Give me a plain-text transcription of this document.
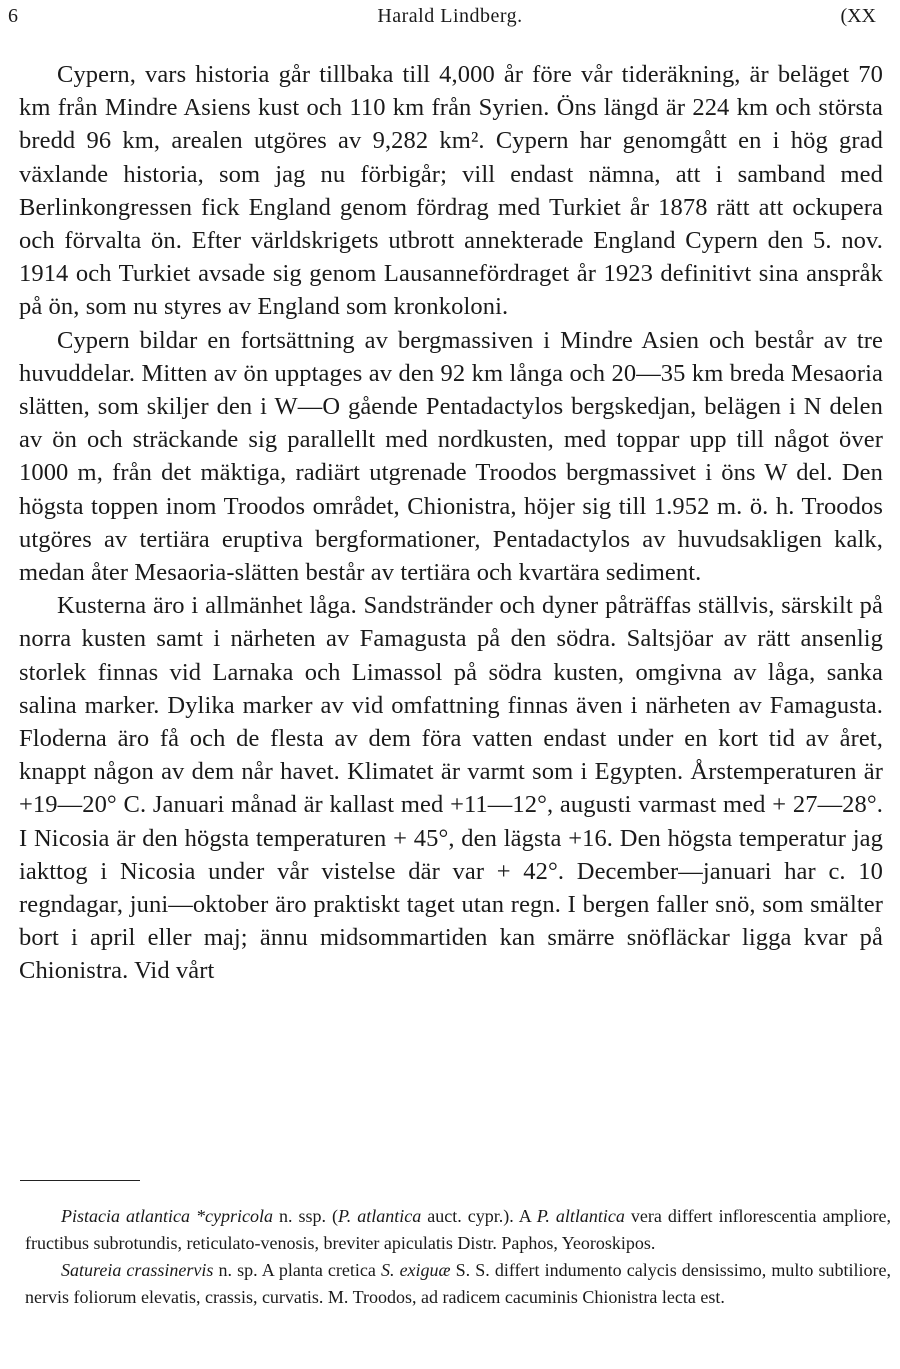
6	Harald Lindberg.	(XX

Cypern, vars historia går tillbaka till 4,000 år före vår tideräkning, är beläget 70 km från Mindre Asiens kust och 110 km från Syrien. Öns längd är 224 km och största bredd 96 km, arealen utgöres av 9,282 km². Cypern har genomgått en i hög grad växlande historia, som jag nu förbigår; vill endast nämna, att i samband med Berlinkongressen fick England genom fördrag med Turkiet år 1878 rätt att ockupera och förvalta ön. Efter världskrigets utbrott annekterade England Cypern den 5. nov. 1914 och Turkiet avsade sig genom Lausannefördraget år 1923 definitivt sina anspråk på ön, som nu styres av England som kronkoloni.

Cypern bildar en fortsättning av bergmassiven i Mindre Asien och består av tre huvuddelar. Mitten av ön upptages av den 92 km långa och 20—35 km breda Mesaoria slätten, som skiljer den i W—O gående Pentadactylos bergskedjan, belägen i N delen av ön och sträckande sig parallellt med nordkusten, med toppar upp till något över 1000 m, från det mäktiga, radiärt utgrenade Troodos bergmassivet i öns W del. Den högsta toppen inom Troodos området, Chionistra, höjer sig till 1.952 m. ö. h. Troodos utgöres av tertiära eruptiva bergformationer, Pentadactylos av huvudsakligen kalk, medan åter Mesaoria-slätten består av tertiära och kvartära sediment.

Kusterna äro i allmänhet låga. Sandstränder och dyner påträffas ställvis, särskilt på norra kusten samt i närheten av Famagusta på den södra. Saltsjöar av rätt ansenlig storlek finnas vid Larnaka och Limassol på södra kusten, omgivna av låga, sanka salina marker. Dylika marker av vid omfattning finnas även i närheten av Famagusta. Floderna äro få och de flesta av dem föra vatten endast under en kort tid av året, knappt någon av dem når havet. Klimatet är varmt som i Egypten. Årstemperaturen är +19—20° C. Januari månad är kallast med +11—12°, augusti varmast med + 27—28°. I Nicosia är den högsta temperaturen + 45°, den lägsta +16. Den högsta temperatur jag iakttog i Nicosia under vår vistelse där var + 42°. December—januari har c. 10 regndagar, juni—oktober äro praktiskt taget utan regn. I bergen faller snö, som smälter bort i april eller maj; ännu midsommartiden kan smärre snöfläckar ligga kvar på Chionistra. Vid vårt

Pistacia atlantica *cypricola n. ssp. (P. atlantica auct. cypr.). A P. altlantica vera differt inflorescentia ampliore, fructibus subrotundis, reticulato-venosis, breviter apiculatis Distr. Paphos, Yeoroskipos.

Satureia crassinervis n. sp. A planta cretica S. exiguæ S. S. differt indumento calycis densissimo, multo subtiliore, nervis foliorum elevatis, crassis, curvatis. M. Troodos, ad radicem cacuminis Chionistra lecta est.
